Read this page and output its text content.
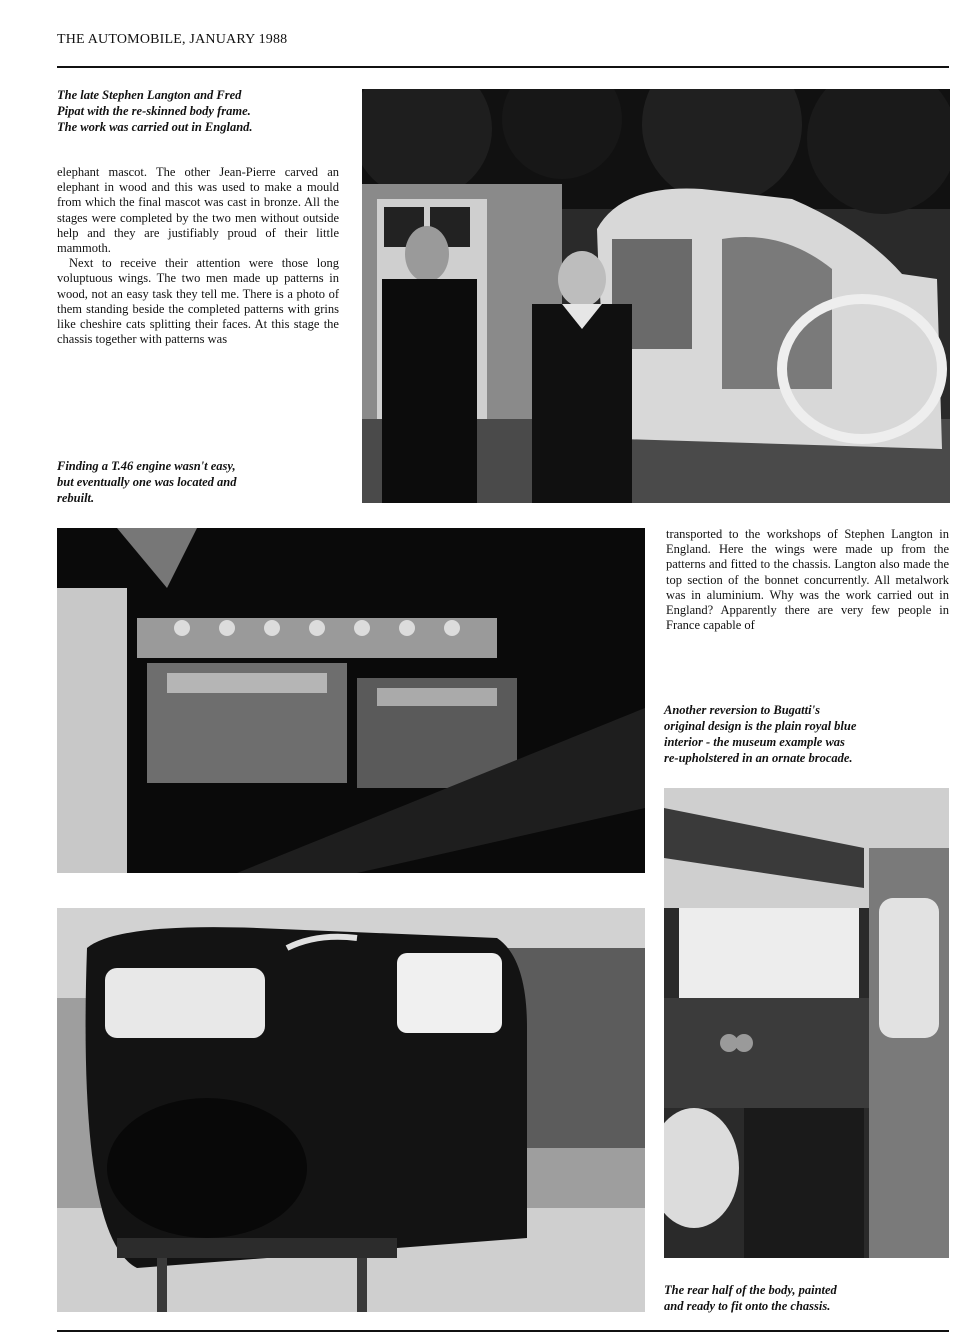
THE AUTOMOBILE, JANUARY 1988
The late Stephen Langton and Fred
Pipat with the re-skinned body frame.
The work was carried out in England.

elephant mascot. The other Jean-Pierre carved an elephant in wood and this was used to make a mould from which the final mascot was cast in bronze. All the stages were completed by the two men without outside help and they are justifiably proud of their little mammoth.

Next to receive their attention were those long voluptuous wings. The two men made up patterns in wood, not an easy task they tell me. There is a photo of them standing beside the completed patterns with grins like cheshire cats splitting their faces. At this stage the chassis together with patterns was

Finding a T.46 engine wasn't easy,
but eventually one was located and
rebuilt.

transported to the workshops of Stephen Langton in England. Here the wings were made up from the patterns and fitted to the chassis. Langton also made the top section of the bonnet concurrently. All metalwork was in aluminium. Why was the work carried out in England? Apparently there are very few people in France capable of

Another reversion to Bugatti's
original design is the plain royal blue
interior - the museum example was
re-upholstered in an ornate brocade.
The rear half of the body, painted
and ready to fit onto the chassis.
